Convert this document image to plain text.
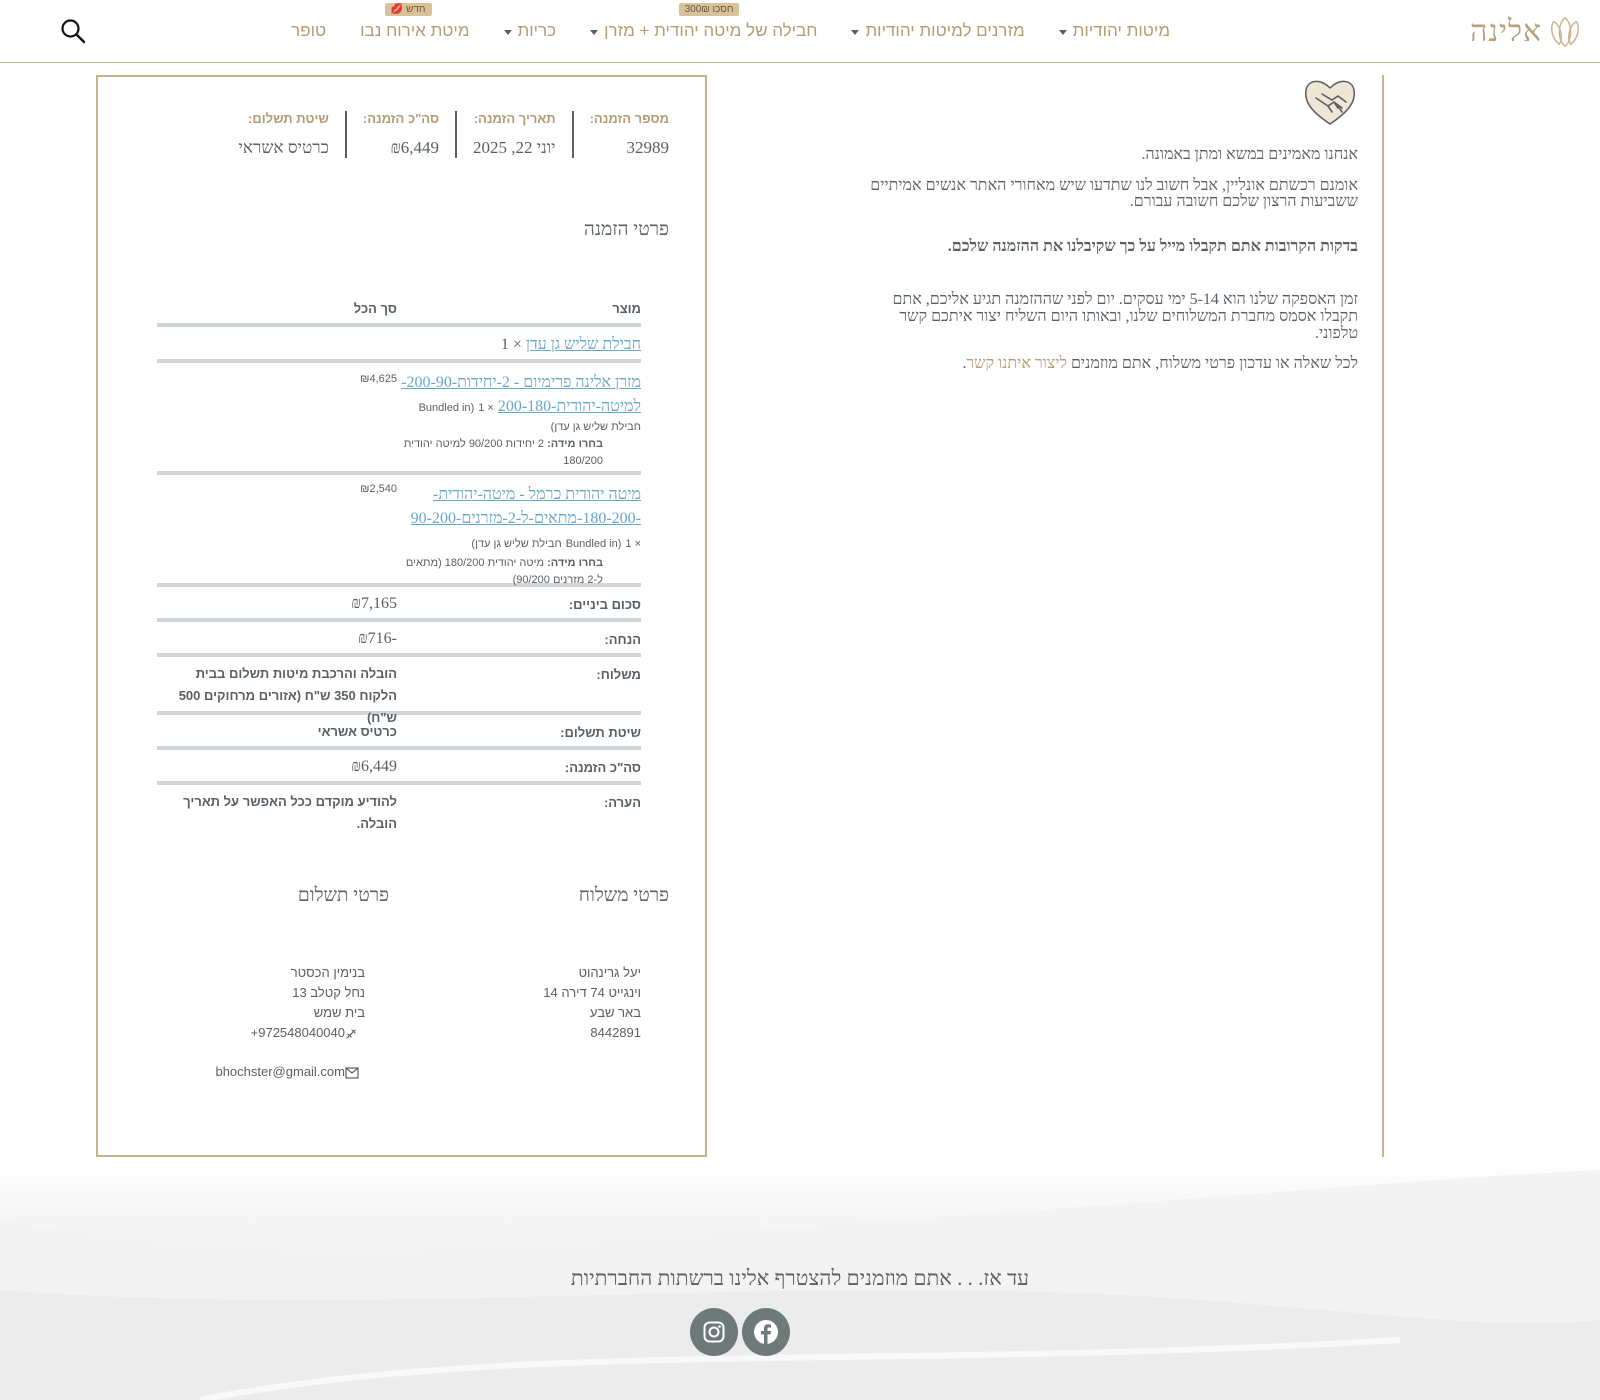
אלינה
מיטות יהודיות
מזרנים למיטות יהודיות
חסכו 300₪
חבילה של מיטה יהודית + מזרן
כריות
חדש 💋
מיטת אירוח נבו
טופר

אנחנו מאמינים במשא ומתן באמונה.

אומנם רכשתם אונליין, אבל חשוב לנו שתדעו שיש מאחורי האתר אנשים אמיתיים ששביעות הרצון שלכם חשובה עבורם.

בדקות הקרובות אתם תקבלו מייל על כך שקיבלנו את ההזמנה שלכם.

זמן האספקה שלנו הוא 5-14 ימי עסקים. יום לפני שההזמנה תגיע אליכם, אתם תקבלו אסמס מחברת המשלוחים שלנו, ובאותו היום השליח יצור איתכם קשר טלפוני.

לכל שאלה או עדכון פרטי משלוח, אתם מוזמנים ליצור איתנו קשר.

מספר הזמנה:
32989
תאריך הזמנה:
יוני 22, 2025
סה"כ הזמנה:
₪6,449
שיטת תשלום:
כרטיס אשראי
פרטי הזמנה
מוצר
סך הכל
חבילת שליש גן עדן × 1
מזרן אלינה פרימיום - 2-יחידות-200-90-למיטה-יהודית-200-180 × 1 (Bundled in
חבילת שליש גן עדן)
בחרו מידה: 2 יחידות 90/200 למיטה יהודית 180/200
₪4,625
מיטה יהודית כרמל - מיטה-יהודית--180-200-מתאים-ל-2-מזרנים-90-200 × 1 (Bundled in חבילת שליש גן עדן)
בחרו מידה: מיטה יהודית 180/200 (מתאים ל-2 מזרנים 90/200)
₪2,540
סכום ביניים:
₪7,165
הנחה:
-₪716
משלוח:
הובלה והרכבת מיטות תשלום בבית הלקוח 350 ש"ח (אזורים מרחוקים 500 ש"ח)
שיטת תשלום:
כרטיס אשראי
סה"כ הזמנה:
₪6,449
הערה:
להודיע מוקדם ככל האפשר על תאריך הובלה.
פרטי משלוח
פרטי תשלום
יעל גרינהוט
וינגייט 74 דירה 14
באר שבע
8442891
בנימין הכסטר
נחל קטלב 13
בית שמש
+972548040040
bhochster@gmail.com
עד אז. . . אתם מוזמנים להצטרף אלינו ברשתות החברתיות
